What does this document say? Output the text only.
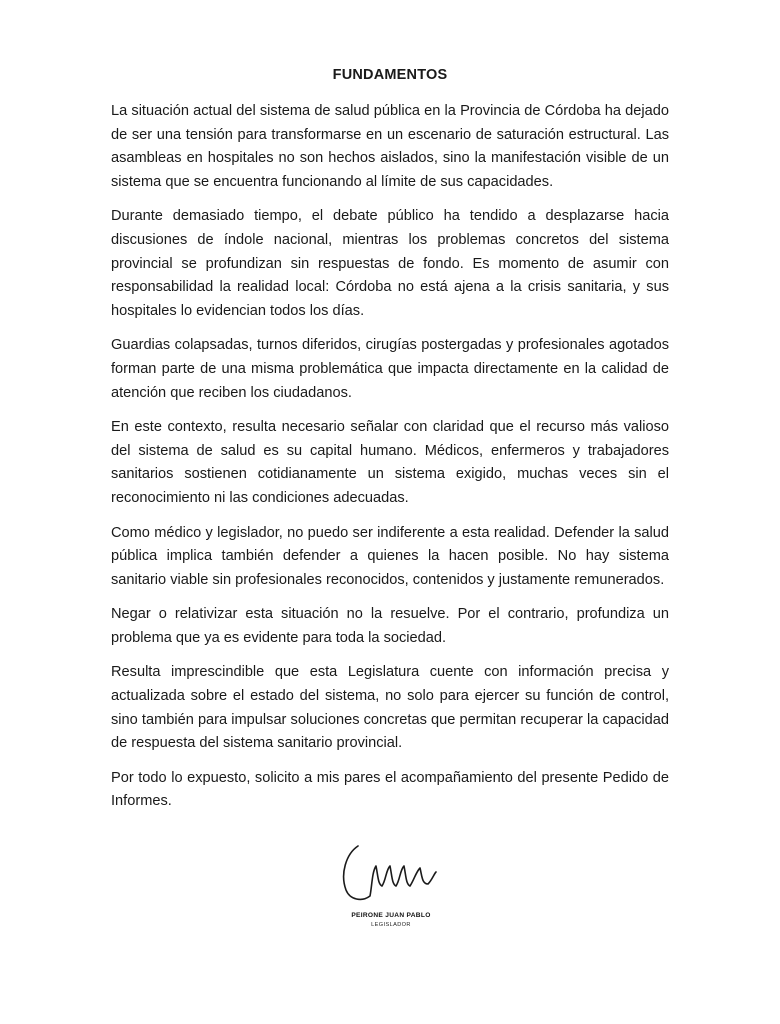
FUNDAMENTOS

La situación actual del sistema de salud pública en la Provincia de Córdoba ha dejado de ser una tensión para transformarse en un escenario de saturación estructural. Las asambleas en hospitales no son hechos aislados, sino la manifestación visible de un sistema que se encuentra funcionando al límite de sus capacidades.

Durante demasiado tiempo, el debate público ha tendido a desplazarse hacia discusiones de índole nacional, mientras los problemas concretos del sistema provincial se profundizan sin respuestas de fondo. Es momento de asumir con responsabilidad la realidad local: Córdoba no está ajena a la crisis sanitaria, y sus hospitales lo evidencian todos los días.

Guardias colapsadas, turnos diferidos, cirugías postergadas y profesionales agotados forman parte de una misma problemática que impacta directamente en la calidad de atención que reciben los ciudadanos.

En este contexto, resulta necesario señalar con claridad que el recurso más valioso del sistema de salud es su capital humano. Médicos, enfermeros y trabajadores sanitarios sostienen cotidianamente un sistema exigido, muchas veces sin el reconocimiento ni las condiciones adecuadas.

Como médico y legislador, no puedo ser indiferente a esta realidad. Defender la salud pública implica también defender a quienes la hacen posible. No hay sistema sanitario viable sin profesionales reconocidos, contenidos y justamente remunerados.

Negar o relativizar esta situación no la resuelve. Por el contrario, profundiza un problema que ya es evidente para toda la sociedad.

Resulta imprescindible que esta Legislatura cuente con información precisa y actualizada sobre el estado del sistema, no solo para ejercer su función de control, sino también para impulsar soluciones concretas que permitan recuperar la capacidad de respuesta del sistema sanitario provincial.

Por todo lo expuesto, solicito a mis pares el acompañamiento del presente Pedido de Informes.

PEIRONE JUAN PABLO
LEGISLADOR
